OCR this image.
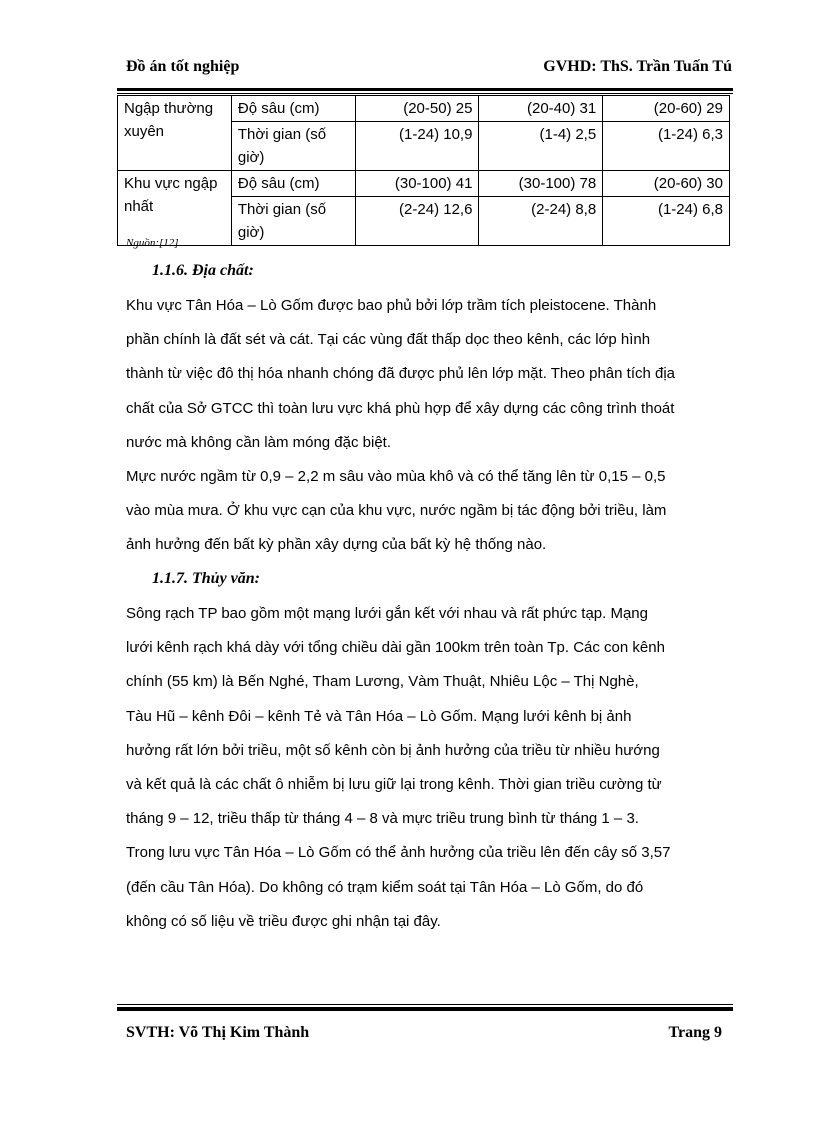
Đồ án tốt nghiệp	GVHD: ThS. Trần Tuấn Tú
Ngập thường xuyên	Độ sâu (cm)	(20-50) 25	(20-40) 31	(20-60) 29
	Thời gian (số giờ)	(1-24) 10,9	(1-4) 2,5	(1-24) 6,3
Khu vực ngập nhất	Độ sâu (cm)	(30-100) 41	(30-100) 78	(20-60) 30
	Thời gian (số giờ)	(2-24) 12,6	(2-24) 8,8	(1-24) 6,8
Nguồn:[12]
1.1.6. Địa chất:
Khu vực Tân Hóa – Lò Gốm được bao phủ bởi lớp trầm tích pleistocene. Thành
phần chính là đất sét và cát. Tại các vùng đất thấp dọc theo kênh, các lớp hình
thành từ việc đô thị hóa nhanh chóng đã được phủ lên lớp mặt. Theo phân tích địa
chất của Sở GTCC thì toàn lưu vực khá phù hợp để xây dựng các công trình thoát
nước mà không cần làm móng đặc biệt.
Mực nước ngầm từ 0,9 – 2,2 m sâu vào mùa khô và có thể tăng lên từ 0,15 – 0,5
vào mùa mưa. Ở khu vực cạn của khu vực, nước ngầm bị tác động bởi triều, làm
ảnh hưởng đến bất kỳ phần xây dựng của bất kỳ hệ thống nào.
1.1.7. Thủy văn:
Sông rạch TP bao gồm một mạng lưới gắn kết với nhau và rất phức tạp. Mạng
lưới kênh rạch khá dày với tổng chiều dài gần 100km trên toàn Tp. Các con kênh
chính (55 km) là Bến Nghé, Tham Lương, Vàm Thuật, Nhiêu Lộc – Thị Nghè,
Tàu Hũ – kênh Đôi – kênh Tẻ và Tân Hóa – Lò Gốm. Mạng lưới kênh bị ảnh
hưởng rất lớn bởi triều, một số kênh còn bị ảnh hưởng của triều từ nhiều hướng
và kết quả là các chất ô nhiễm bị lưu giữ lại trong kênh. Thời gian triều cường từ
tháng 9 – 12, triều thấp từ tháng 4 – 8 và mực triều trung bình từ tháng 1 – 3.
Trong lưu vực Tân Hóa – Lò Gốm có thể ảnh hưởng của triều lên đến cây số 3,57
(đến cầu Tân Hóa). Do không có trạm kiểm soát tại Tân Hóa – Lò Gốm, do đó
không có số liệu về triều được ghi nhận tại đây.
SVTH: Võ Thị Kim Thành	Trang 9
